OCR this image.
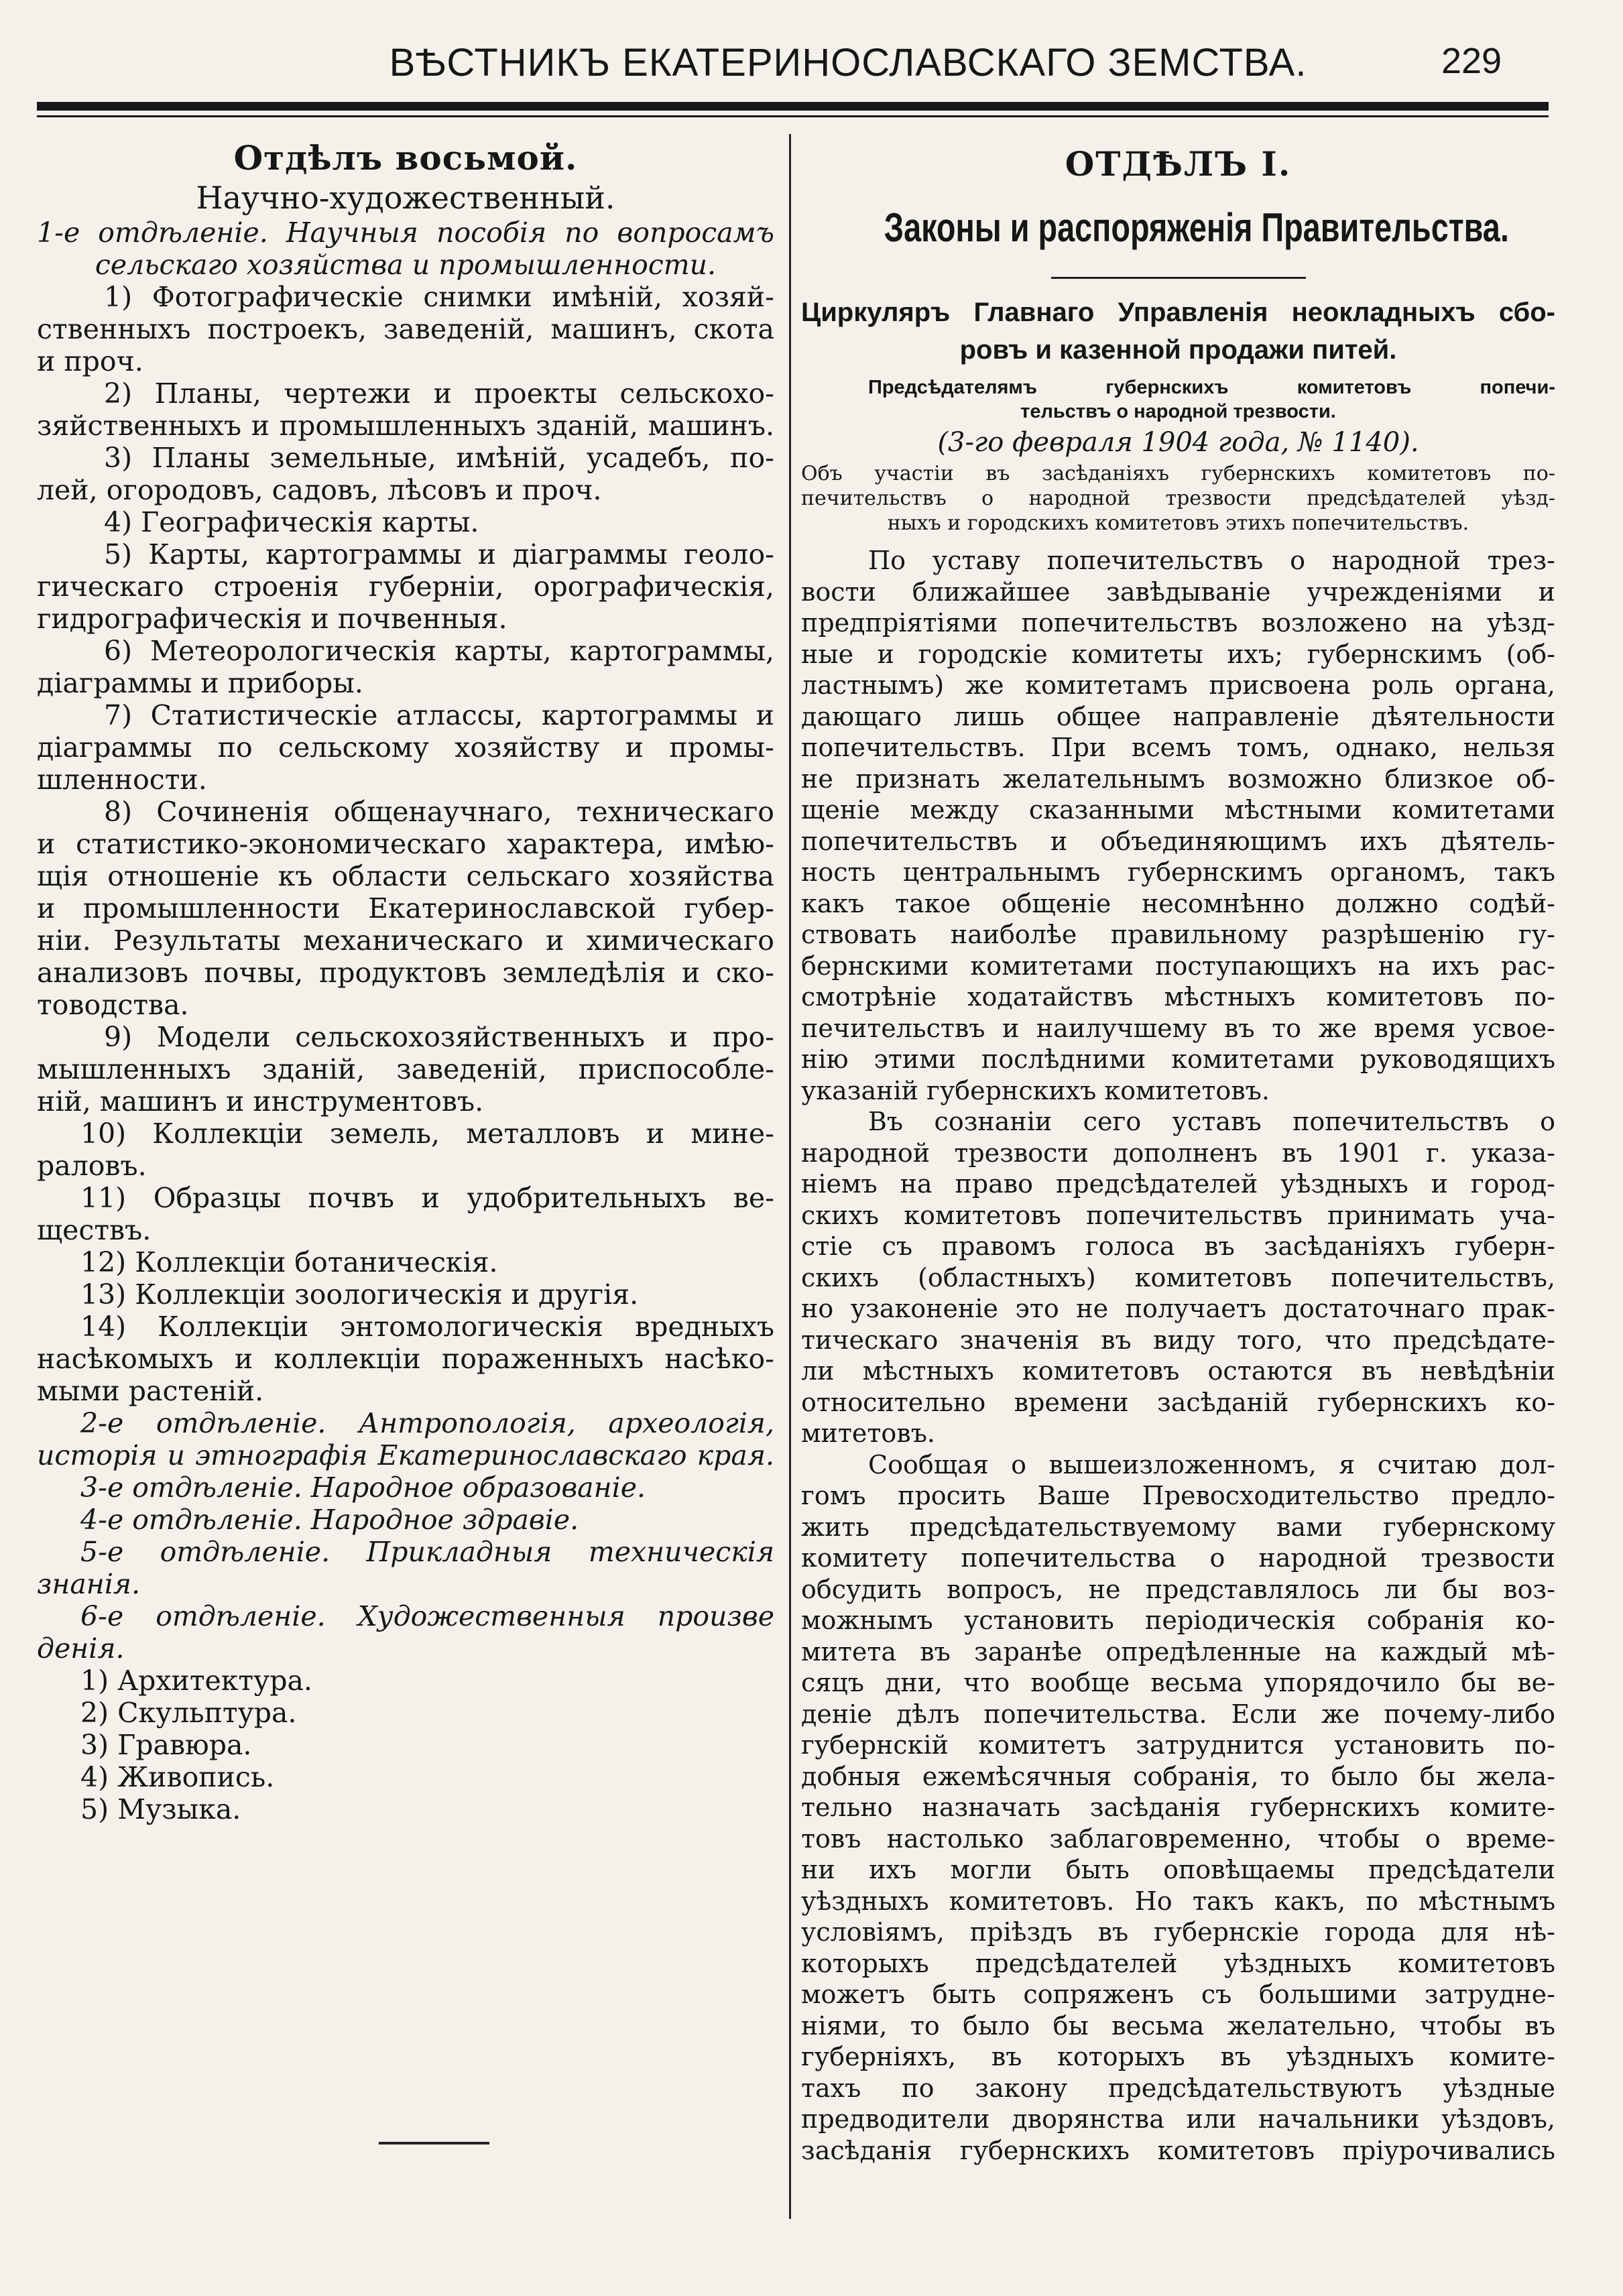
ВѢСТНИКЪ ЕКАТЕРИНОСЛАВСКАГО ЗЕМСТВА.	229
Отдѣлъ восьмой.
Научно-художественный.
1-е отдѣленіе. Научныя пособія по вопросамъ
сельскаго хозяйства и промышленности.
1) Фотографическіе снимки имѣній, хозяй-
ственныхъ построекъ, заведеній, машинъ, скота
и проч.
2) Планы, чертежи и проекты сельскохо-
зяйственныхъ и промышленныхъ зданій, машинъ.
3) Планы земельные, имѣній, усадебъ, по-
лей, огородовъ, садовъ, лѣсовъ и проч.
4) Географическія карты.
5) Карты, картограммы и діаграммы геоло-
гическаго строенія губерніи, орографическія,
гидрографическія и почвенныя.
6) Метеорологическія карты, картограммы,
діаграммы и приборы.
7) Статистическіе атлассы, картограммы и
діаграммы по сельскому хозяйству и промы-
шленности.
8) Сочиненія общенаучнаго, техническаго
и статистико-экономическаго характера, имѣю-
щія отношеніе къ области сельскаго хозяйства
и промышленности Екатеринославской губер-
ніи. Результаты механическаго и химическаго
анализовъ почвы, продуктовъ земледѣлія и ско-
товодства.
9) Модели сельскохозяйственныхъ и про-
мышленныхъ зданій, заведеній, приспособле-
ній, машинъ и инструментовъ.
10) Коллекціи земель, металловъ и мине-
раловъ.
11) Образцы почвъ и удобрительныхъ ве-
ществъ.
12) Коллекціи ботаническія.
13) Коллекціи зоологическія и другія.
14) Коллекціи энтомологическія вредныхъ
насѣкомыхъ и коллекціи пораженныхъ насѣко-
мыми растеній.
2-е отдѣленіе. Антропологія, археологія,
исторія и этнографія Екатеринославскаго края.
3-е отдѣленіе. Народное образованіе.
4-е отдѣленіе. Народное здравіе.
5-е отдѣленіе. Прикладныя техническія
знанія.
6-е отдѣленіе. Художественныя произве
денія.
1) Архитектура.
2) Скульптура.
3) Гравюра.
4) Живопись.
5) Музыка.
ОТДѢЛЪ I.
Законы и распоряженія Правительства.
Циркуляръ Главнаго Управленія неокладныхъ сбо-
ровъ и казенной продажи питей.
Предсѣдателямъ губернскихъ комитетовъ попечи-
тельствъ о народной трезвости.
(3-го февраля 1904 года, № 1140).
Объ участіи въ засѣданіяхъ губернскихъ комитетовъ по-
печительствъ о народной трезвости предсѣдателей уѣзд-
ныхъ и городскихъ комитетовъ этихъ попечительствъ.
По уставу попечительствъ о народной трез-
вости ближайшее завѣдываніе учрежденіями и
предпріятіями попечительствъ возложено на уѣзд-
ные и городскіе комитеты ихъ; губернскимъ (об-
ластнымъ) же комитетамъ присвоена роль органа,
дающаго лишь общее направленіе дѣятельности
попечительствъ. При всемъ томъ, однако, нельзя
не признать желательнымъ возможно близкое об-
щеніе между сказанными мѣстными комитетами
попечительствъ и объединяющимъ ихъ дѣятель-
ность центральнымъ губернскимъ органомъ, такъ
какъ такое общеніе несомнѣнно должно содѣй-
ствовать наиболѣе правильному разрѣшенію гу-
бернскими комитетами поступающихъ на ихъ рас-
смотрѣніе ходатайствъ мѣстныхъ комитетовъ по-
печительствъ и наилучшему въ то же время усвое-
нію этими послѣдними комитетами руководящихъ
указаній губернскихъ комитетовъ.
Въ сознаніи сего уставъ попечительствъ о
народной трезвости дополненъ въ 1901 г. указа-
ніемъ на право предсѣдателей уѣздныхъ и город-
скихъ комитетовъ попечительствъ принимать уча-
стіе съ правомъ голоса въ засѣданіяхъ губерн-
скихъ (областныхъ) комитетовъ попечительствъ,
но узаконеніе это не получаетъ достаточнаго прак-
тическаго значенія въ виду того, что предсѣдате-
ли мѣстныхъ комитетовъ остаются въ невѣдѣніи
относительно времени засѣданій губернскихъ ко-
митетовъ.
Сообщая о вышеизложенномъ, я считаю дол-
гомъ просить Ваше Превосходительство предло-
жить предсѣдательствуемому вами губернскому
комитету попечительства о народной трезвости
обсудить вопросъ, не представлялось ли бы воз-
можнымъ установить періодическія собранія ко-
митета въ заранѣе опредѣленные на каждый мѣ-
сяцъ дни, что вообще весьма упорядочило бы ве-
деніе дѣлъ попечительства. Если же почему-либо
губернскій комитетъ затруднится установить по-
добныя ежемѣсячныя собранія, то было бы жела-
тельно назначать засѣданія губернскихъ комите-
товъ настолько заблаговременно, чтобы о време-
ни ихъ могли быть оповѣщаемы предсѣдатели
уѣздныхъ комитетовъ. Но такъ какъ, по мѣстнымъ
условіямъ, пріѣздъ въ губернскіе города для нѣ-
которыхъ предсѣдателей уѣздныхъ комитетовъ
можетъ быть сопряженъ съ большими затрудне-
ніями, то было бы весьма желательно, чтобы въ
губерніяхъ, въ которыхъ въ уѣздныхъ комите-
тахъ по закону предсѣдательствуютъ уѣздные
предводители дворянства или начальники уѣздовъ,
засѣданія губернскихъ комитетовъ пріурочивались
